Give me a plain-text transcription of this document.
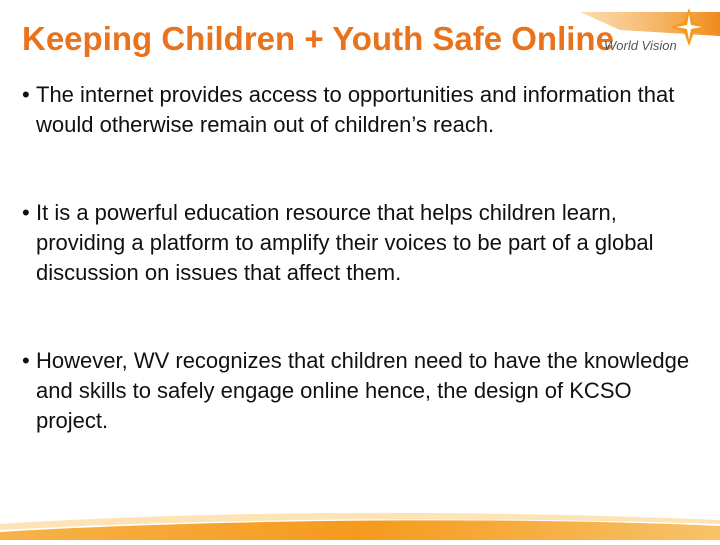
Keeping Children + Youth Safe Online
World Vision
• The internet provides access to opportunities and information that would otherwise remain out of children’s reach.
• It is a powerful education resource that helps children learn, providing a platform to amplify their voices to be part of a global discussion on issues that affect them.
• However, WV recognizes that children need to have the knowledge and skills to safely engage online hence, the design of KCSO project.
